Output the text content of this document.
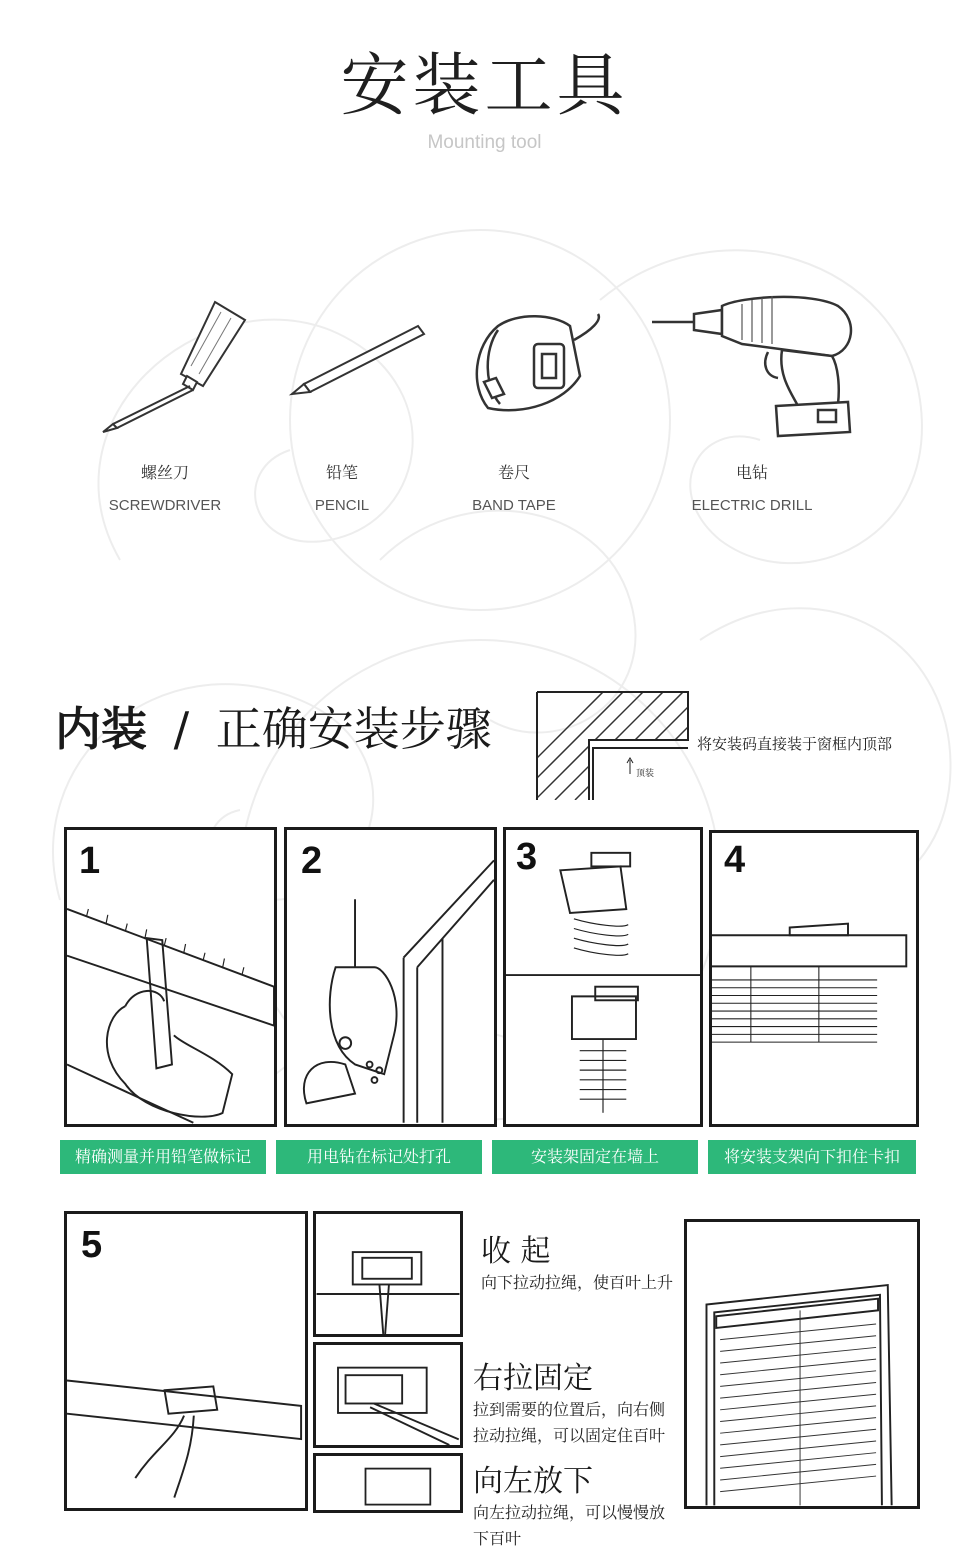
安装工具
Mounting tool
螺丝刀
SCREWDRIVER
铅笔
PENCIL
卷尺
BAND TAPE
电钻
ELECTRIC DRILL
内装 / 正确安装步骤
顶装
将安装码直接装于窗框内顶部
1	2	3	4
精确测量并用铅笔做标记	用电钻在标记处打孔	安装架固定在墙上	将安装支架向下扣住卡扣
5	收 起
向下拉动拉绳，使百叶上升
右拉固定
拉到需要的位置后，向右侧拉动拉绳，可以固定住百叶
向左放下
向左拉动拉绳，可以慢慢放下百叶
